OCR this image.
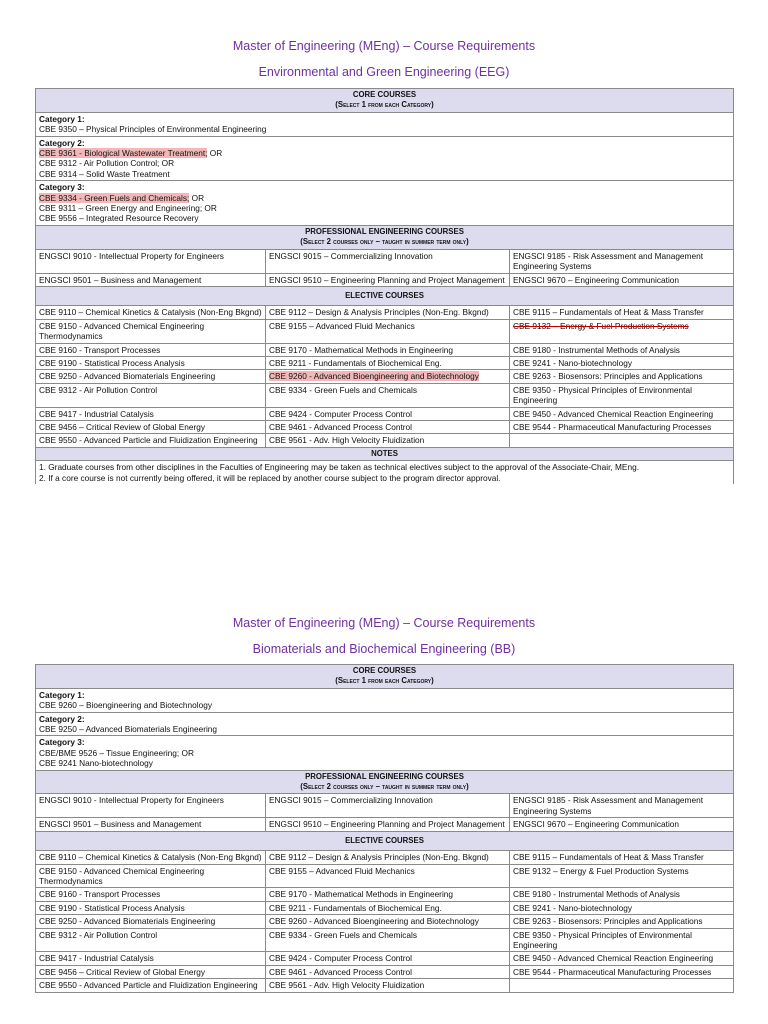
Master of Engineering (MEng) – Course Requirements
Environmental and Green Engineering (EEG)
CORE COURSES
(Select 1 from each Category)		

Category 1:
CBE 9350 – Physical Principles of Environmental Engineering		

Category 2:
CBE 9361 - Biological Wastewater Treatment; OR
CBE 9312 - Air Pollution Control; OR
CBE 9314 – Solid Waste Treatment		

Category 3:
CBE 9334 - Green Fuels and Chemicals; OR
CBE 9311 – Green Energy and Engineering; OR
CBE 9556 – Integrated Resource Recovery		

PROFESSIONAL ENGINEERING COURSES
(Select 2 courses only – taught in summer term only)		

ENGSCI 9010 - Intellectual Property for Engineers	ENGSCI 9015 – Commercializing Innovation	ENGSCI 9185 - Risk Assessment and Management Engineering Systems
ENGSCI 9501 – Business and Management	ENGSCI 9510 – Engineering Planning and Project Management	ENGSCI 9670 – Engineering Communication
ELECTIVE COURSES		
CBE 9110 – Chemical Kinetics & Catalysis (Non-Eng Bkgnd)	CBE 9112 – Design & Analysis Principles (Non-Eng. Bkgnd)	CBE 9115 – Fundamentals of Heat & Mass Transfer
CBE 9150 - Advanced Chemical Engineering Thermodynamics	CBE 9155 – Advanced Fluid Mechanics	CBE 9132 – Energy & Fuel Production Systems
CBE 9160 - Transport Processes	CBE 9170 - Mathematical Methods in Engineering	CBE 9180 - Instrumental Methods of Analysis
CBE 9190 - Statistical Process Analysis	CBE 9211 - Fundamentals of Biochemical Eng.	CBE 9241 - Nano-biotechnology
CBE 9250 - Advanced Biomaterials Engineering	CBE 9260 - Advanced Bioengineering and Biotechnology	CBE 9263 - Biosensors: Principles and Applications
CBE 9312 - Air Pollution Control	CBE 9334 - Green Fuels and Chemicals	CBE 9350 - Physical Principles of Environmental Engineering
CBE 9417 - Industrial Catalysis	CBE 9424 - Computer Process Control	CBE 9450 - Advanced Chemical Reaction Engineering
CBE 9456 – Critical Review of Global Energy	CBE 9461 - Advanced Process Control	CBE 9544 - Pharmaceutical Manufacturing Processes
CBE 9550 - Advanced Particle and Fluidization Engineering	CBE 9561 - Adv. High Velocity Fluidization	
NOTES		

1. Graduate courses from other disciplines in the Faculties of Engineering may be taken as technical electives subject to the approval of the Associate-Chair, MEng.
2. If a core course is not currently being offered, it will be replaced by another course subject to the program director approval.		
Master of Engineering (MEng) – Course Requirements
Biomaterials and Biochemical Engineering (BB)
CORE COURSES
(Select 1 from each Category)		

Category 1:
CBE 9260 – Bioengineering and Biotechnology		

Category 2:
CBE 9250 – Advanced Biomaterials Engineering		

Category 3:
CBE/BME 9526 – Tissue Engineering; OR
CBE 9241 Nano-biotechnology		

PROFESSIONAL ENGINEERING COURSES
(Select 2 courses only – taught in summer term only)		

ENGSCI 9010 - Intellectual Property for Engineers	ENGSCI 9015 – Commercializing Innovation	ENGSCI 9185 - Risk Assessment and Management Engineering Systems
ENGSCI 9501 – Business and Management	ENGSCI 9510 – Engineering Planning and Project Management	ENGSCI 9670 – Engineering Communication
ELECTIVE COURSES		
CBE 9110 – Chemical Kinetics & Catalysis (Non-Eng Bkgnd)	CBE 9112 – Design & Analysis Principles (Non-Eng. Bkgnd)	CBE 9115 – Fundamentals of Heat & Mass Transfer
CBE 9150 - Advanced Chemical Engineering Thermodynamics	CBE 9155 – Advanced Fluid Mechanics	CBE 9132 – Energy & Fuel Production Systems
CBE 9160 - Transport Processes	CBE 9170 - Mathematical Methods in Engineering	CBE 9180 - Instrumental Methods of Analysis
CBE 9190 - Statistical Process Analysis	CBE 9211 - Fundamentals of Biochemical Eng.	CBE 9241 - Nano-biotechnology
CBE 9250 - Advanced Biomaterials Engineering	CBE 9260 - Advanced Bioengineering and Biotechnology	CBE 9263 - Biosensors: Principles and Applications
CBE 9312 - Air Pollution Control	CBE 9334 - Green Fuels and Chemicals	CBE 9350 - Physical Principles of Environmental Engineering
CBE 9417 - Industrial Catalysis	CBE 9424 - Computer Process Control	CBE 9450 - Advanced Chemical Reaction Engineering
CBE 9456 – Critical Review of Global Energy	CBE 9461 - Advanced Process Control	CBE 9544 - Pharmaceutical Manufacturing Processes
CBE 9550 - Advanced Particle and Fluidization Engineering	CBE 9561 - Adv. High Velocity Fluidization	
